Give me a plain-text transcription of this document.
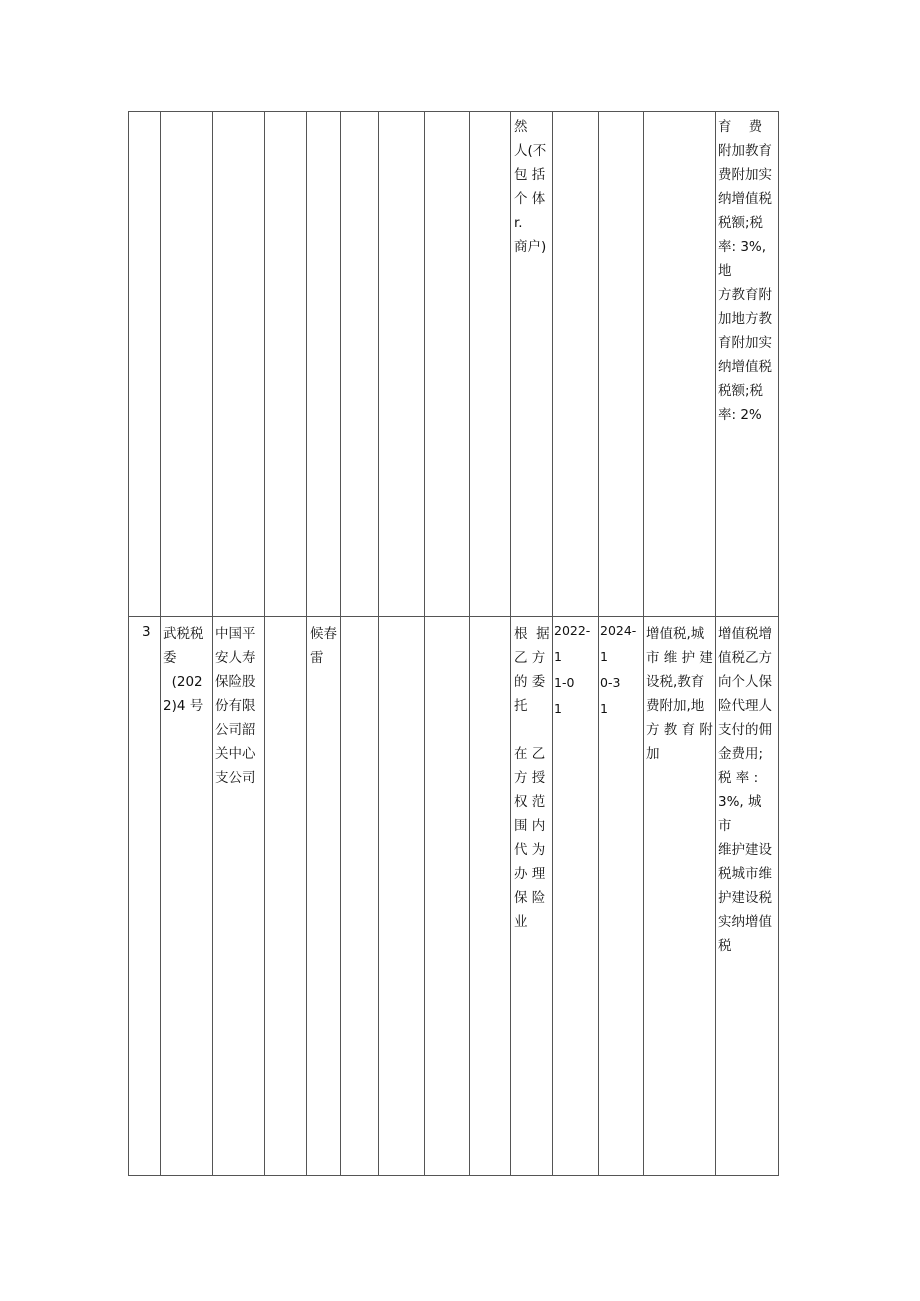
然
人(不
包 括
个 体
r.
商户)
育    费
附加教育
费附加实
纳增值税
税额;税
率: 3%,地
方教育附
加地方教
育附加实
纳增值税
税额;税
率: 2%
3 武税税
委
(202
2)4 号
中国平
安人寿
保险股
份有限
公司韶
关中心
支公司
候春
雷
根  据
乙 方
的 委
托

在 乙
方 授
权 范
围 内
代 为
办 理
保 险
业
2022-
1
1-0
1
2024-
1
0-3
1
增值税,城
市 维 护 建
设税,教育
费附加,地
方 教 育 附
加
增值税增
值税乙方
向个人保
险代理人
支付的佣
金费用;
税 率 :
3%, 城 市
维护建设
税城市维
护建设税
实纳增值
税
